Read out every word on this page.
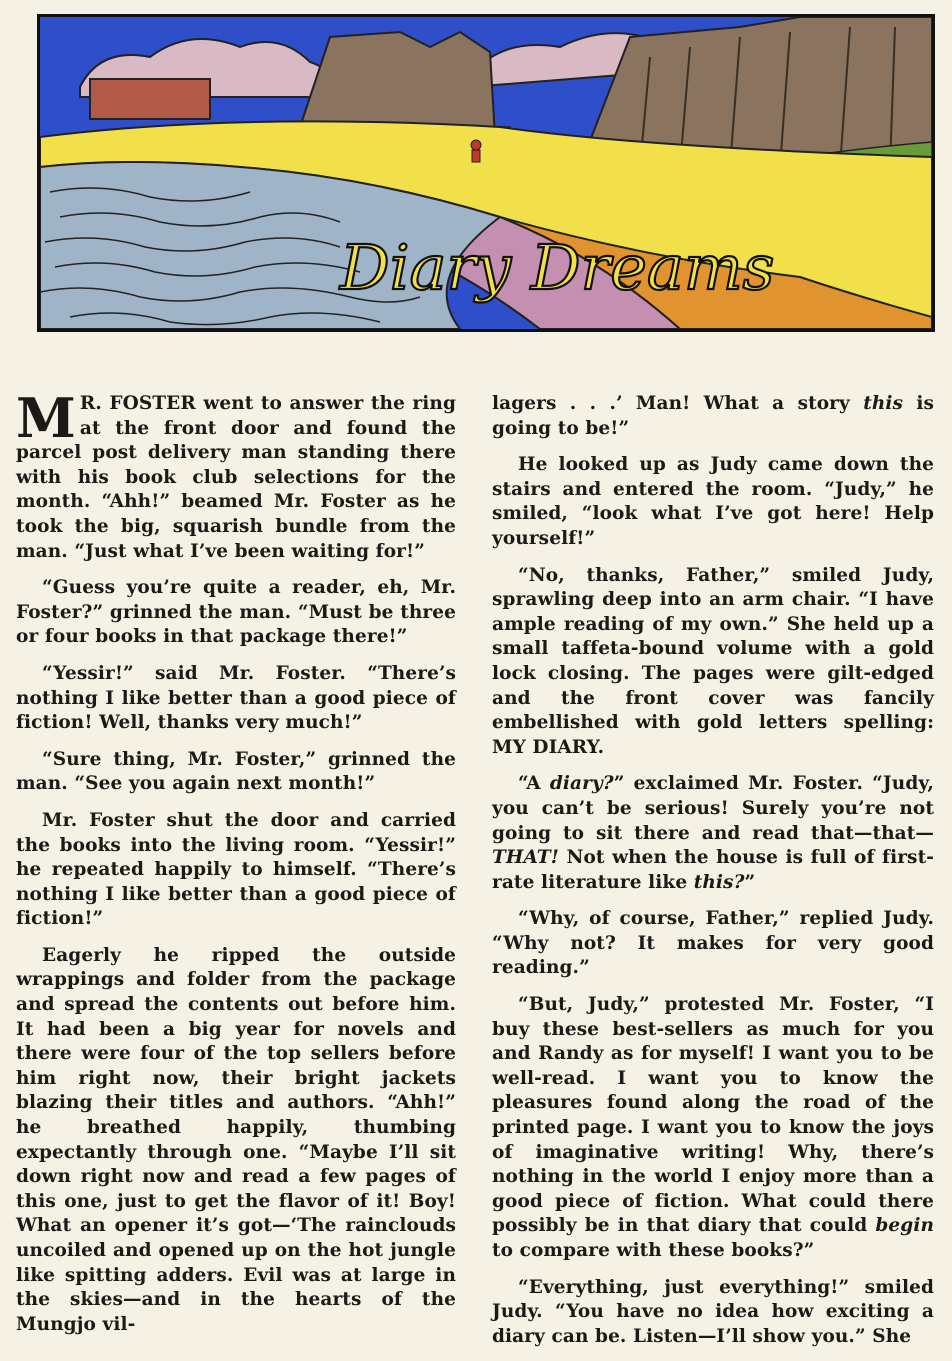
Diary Dreams

M R. FOSTER went to answer the ring at the front door and found the parcel post delivery man standing there with his book club selections for the month. “Ahh!” beamed Mr. Foster as he took the big, squarish bundle from the man. “Just what I’ve been waiting for!”

“Guess you’re quite a reader, eh, Mr. Foster?” grinned the man. “Must be three or four books in that package there!”

“Yessir!” said Mr. Foster. “There’s nothing I like better than a good piece of fiction! Well, thanks very much!”

“Sure thing, Mr. Foster,” grinned the man. “See you again next month!”

Mr. Foster shut the door and carried the books into the living room. “Yessir!” he repeated happily to himself. “There’s nothing I like better than a good piece of fiction!”

Eagerly he ripped the outside wrappings and folder from the package and spread the contents out before him. It had been a big year for novels and there were four of the top sellers before him right now, their bright jackets blazing their titles and authors. “Ahh!” he breathed happily, thumbing expectantly through one. “Maybe I’ll sit down right now and read a few pages of this one, just to get the flavor of it! Boy! What an opener it’s got—‘The rainclouds uncoiled and opened up on the hot jungle like spitting adders. Evil was at large in the skies—and in the hearts of the Mungjo vil-

lagers . . .’ Man! What a story this is going to be!”

He looked up as Judy came down the stairs and entered the room. “Judy,” he smiled, “look what I’ve got here! Help yourself!”

“No, thanks, Father,” smiled Judy, sprawling deep into an arm chair. “I have ample reading of my own.” She held up a small taffeta-bound volume with a gold lock closing. The pages were gilt-edged and the front cover was fancily embellished with gold letters spelling: MY DIARY.

“A diary?” exclaimed Mr. Foster. “Judy, you can’t be serious! Surely you’re not going to sit there and read that—that—THAT! Not when the house is full of first-rate literature like this?”

“Why, of course, Father,” replied Judy. “Why not? It makes for very good reading.”

“But, Judy,” protested Mr. Foster, “I buy these best-sellers as much for you and Randy as for myself! I want you to be well-read. I want you to know the pleasures found along the road of the printed page. I want you to know the joys of imaginative writing! Why, there’s nothing in the world I enjoy more than a good piece of fiction. What could there possibly be in that diary that could begin to compare with these books?”

“Everything, just everything!” smiled Judy. “You have no idea how exciting a diary can be. Listen—I’ll show you.” She
